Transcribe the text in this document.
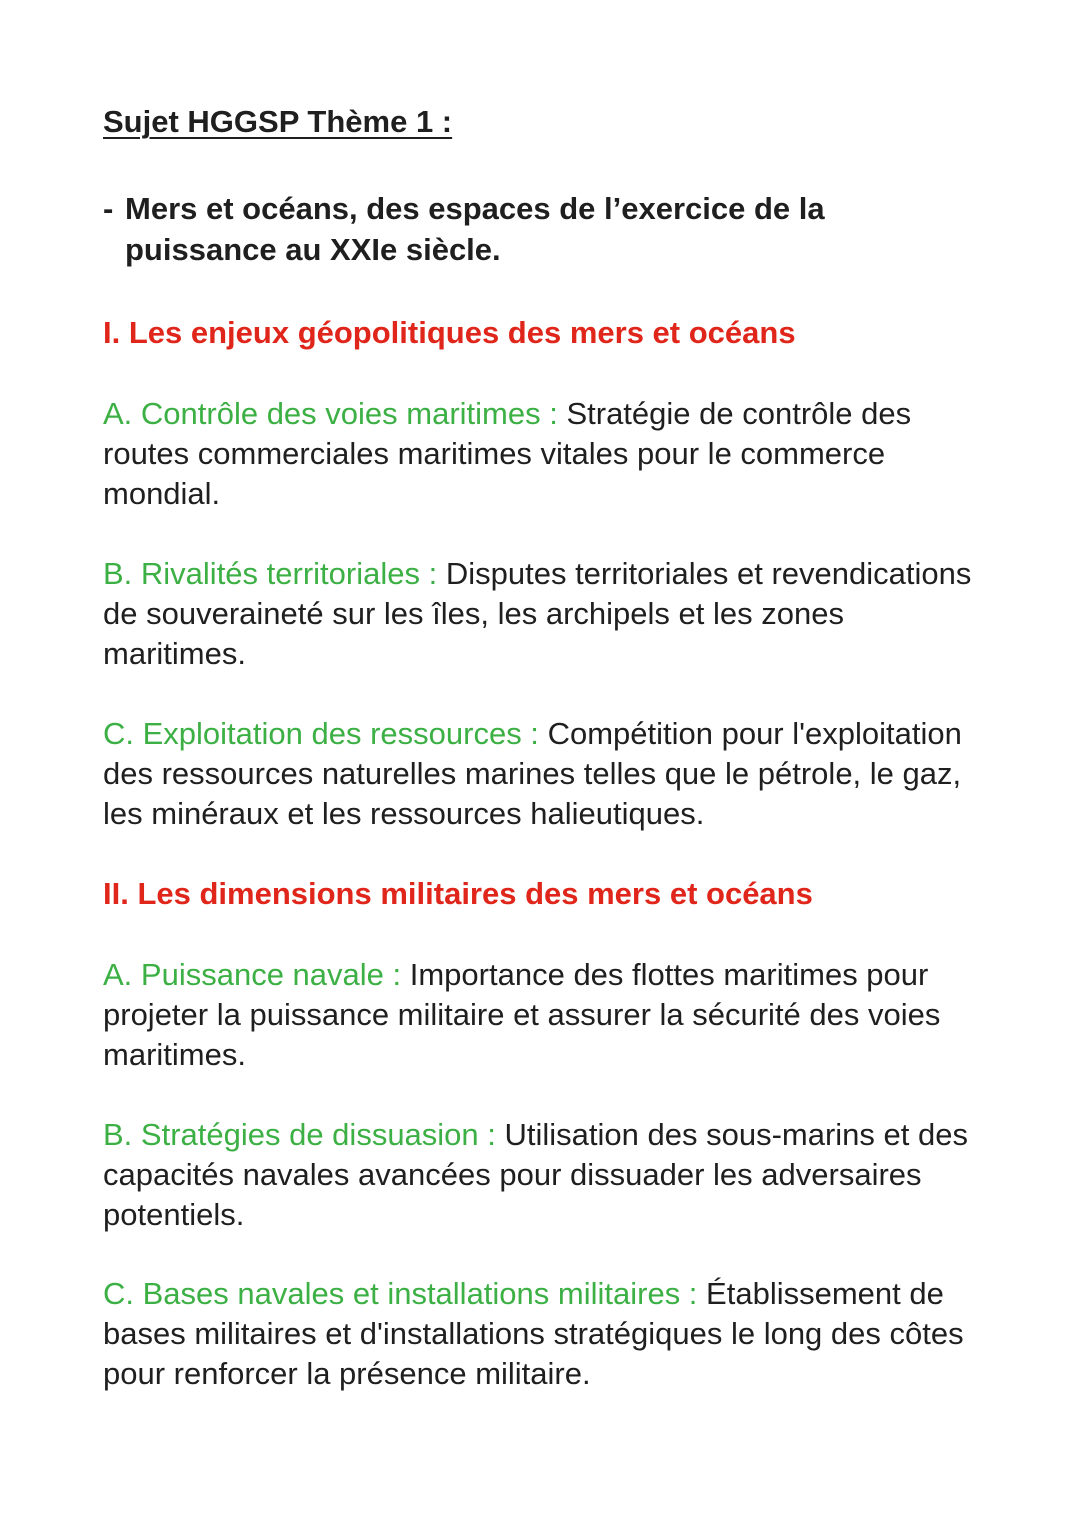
Sujet HGGSP Thème 1 :
- Mers et océans, des espaces de l’exercice de la puissance au XXIe siècle.
I. Les enjeux géopolitiques des mers et océans
A. Contrôle des voies maritimes : Stratégie de contrôle des routes commerciales maritimes vitales pour le commerce mondial.
B. Rivalités territoriales : Disputes territoriales et revendications de souveraineté sur les îles, les archipels et les zones maritimes.
C. Exploitation des ressources : Compétition pour l'exploitation des ressources naturelles marines telles que le pétrole, le gaz, les minéraux et les ressources halieutiques.
II. Les dimensions militaires des mers et océans
A. Puissance navale : Importance des flottes maritimes pour projeter la puissance militaire et assurer la sécurité des voies maritimes.
B. Stratégies de dissuasion : Utilisation des sous-marins et des capacités navales avancées pour dissuader les adversaires potentiels.
C. Bases navales et installations militaires : Établissement de bases militaires et d'installations stratégiques le long des côtes pour renforcer la présence militaire.
